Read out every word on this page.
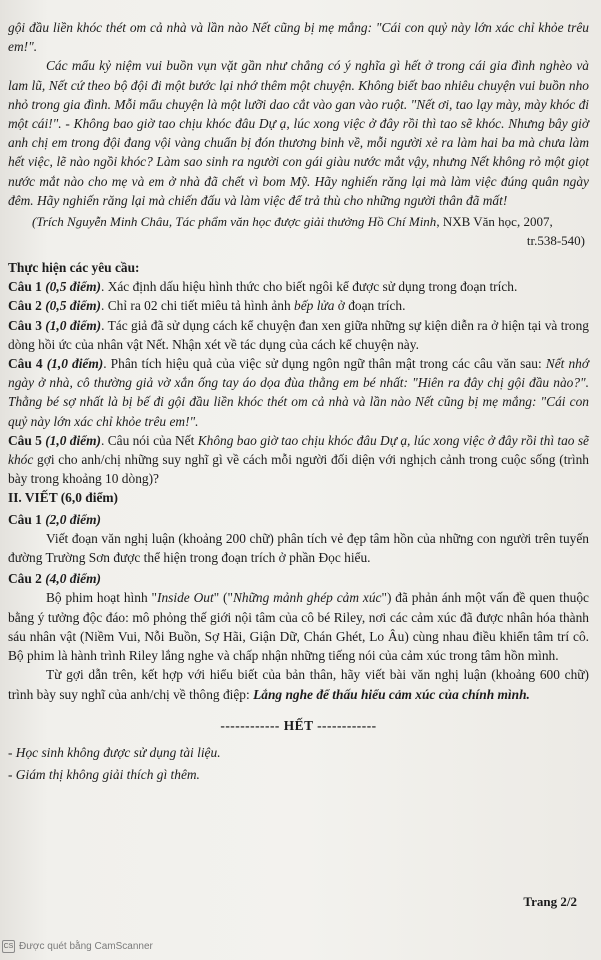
gội đầu liền khóc thét om cả nhà và lần nào Nết cũng bị mẹ mắng: "Cái con quỷ này lớn xác chỉ khỏe trêu em!".

Các mẩu kỷ niệm vui buồn vụn vặt gần như chẳng có ý nghĩa gì hết ở trong cái gia đình nghèo và lam lũ, Nết cứ theo bộ đội đi một bước lại nhớ thêm một chuyện. Không biết bao nhiêu chuyện vui buồn nho nhỏ trong gia đình. Mỗi mẩu chuyện là một lưỡi dao cắt vào gan vào ruột. "Nết ơi, tao lạy mày, mày khóc đi một cái!". - Không bao giờ tao chịu khóc đâu Dự ạ, lúc xong việc ở đây rồi thì tao sẽ khóc. Nhưng bây giờ anh chị em trong đội đang vội vàng chuẩn bị đón thương binh về, mỗi người xẻ ra làm hai ba mà chưa làm hết việc, lẽ nào ngồi khóc? Làm sao sinh ra người con gái giàu nước mắt vậy, nhưng Nết không rỏ một giọt nước mắt nào cho mẹ và em ở nhà đã chết vì bom Mỹ. Hãy nghiến răng lại mà làm việc đúng quân ngày đêm. Hãy nghiến răng lại mà chiến đấu và làm việc để trả thù cho những người thân đã mất!

(Trích Nguyễn Minh Châu, Tác phẩm văn học được giải thưởng Hồ Chí Minh, NXB Văn học, 2007,

tr.538-540)

Thực hiện các yêu cầu:

Câu 1 (0,5 điểm). Xác định dấu hiệu hình thức cho biết ngôi kể được sử dụng trong đoạn trích.

Câu 2 (0,5 điểm). Chỉ ra 02 chi tiết miêu tả hình ảnh bếp lửa ở đoạn trích.

Câu 3 (1,0 điểm). Tác giả đã sử dụng cách kể chuyện đan xen giữa những sự kiện diễn ra ở hiện tại và trong dòng hồi ức của nhân vật Nết. Nhận xét về tác dụng của cách kể chuyện này.

Câu 4 (1,0 điểm). Phân tích hiệu quả của việc sử dụng ngôn ngữ thân mật trong các câu văn sau: Nết nhớ ngày ở nhà, cô thường giả vờ xắn ống tay áo dọa đùa thằng em bé nhất: "Hiên ra đây chị gội đầu nào?". Thằng bé sợ nhất là bị bế đi gội đầu liền khóc thét om cả nhà và lần nào Nết cũng bị mẹ mắng: "Cái con quỷ này lớn xác chỉ khỏe trêu em!".

Câu 5 (1,0 điểm). Câu nói của Nết Không bao giờ tao chịu khóc đâu Dự ạ, lúc xong việc ở đây rồi thì tao sẽ khóc gợi cho anh/chị những suy nghĩ gì về cách mỗi người đối diện với nghịch cảnh trong cuộc sống (trình bày trong khoảng 10 dòng)?

II. VIẾT (6,0 điểm)

Câu 1 (2,0 điểm)

Viết đoạn văn nghị luận (khoảng 200 chữ) phân tích vẻ đẹp tâm hồn của những con người trên tuyến đường Trường Sơn được thể hiện trong đoạn trích ở phần Đọc hiểu.

Câu 2 (4,0 điểm)

Bộ phim hoạt hình "Inside Out" ("Những mảnh ghép cảm xúc") đã phản ánh một vấn đề quen thuộc bằng ý tưởng độc đáo: mô phỏng thế giới nội tâm của cô bé Riley, nơi các cảm xúc đã được nhân hóa thành sáu nhân vật (Niềm Vui, Nỗi Buồn, Sợ Hãi, Giận Dữ, Chán Ghét, Lo Âu) cùng nhau điều khiển tâm trí cô. Bộ phim là hành trình Riley lắng nghe và chấp nhận những tiếng nói của cảm xúc trong tâm hồn mình.

Từ gợi dẫn trên, kết hợp với hiểu biết của bản thân, hãy viết bài văn nghị luận (khoảng 600 chữ) trình bày suy nghĩ của anh/chị về thông điệp: Lắng nghe để thấu hiểu cảm xúc của chính mình.

------------ HẾT ------------

- Học sinh không được sử dụng tài liệu.

- Giám thị không giải thích gì thêm.

Trang 2/2
CS Được quét bằng CamScanner
